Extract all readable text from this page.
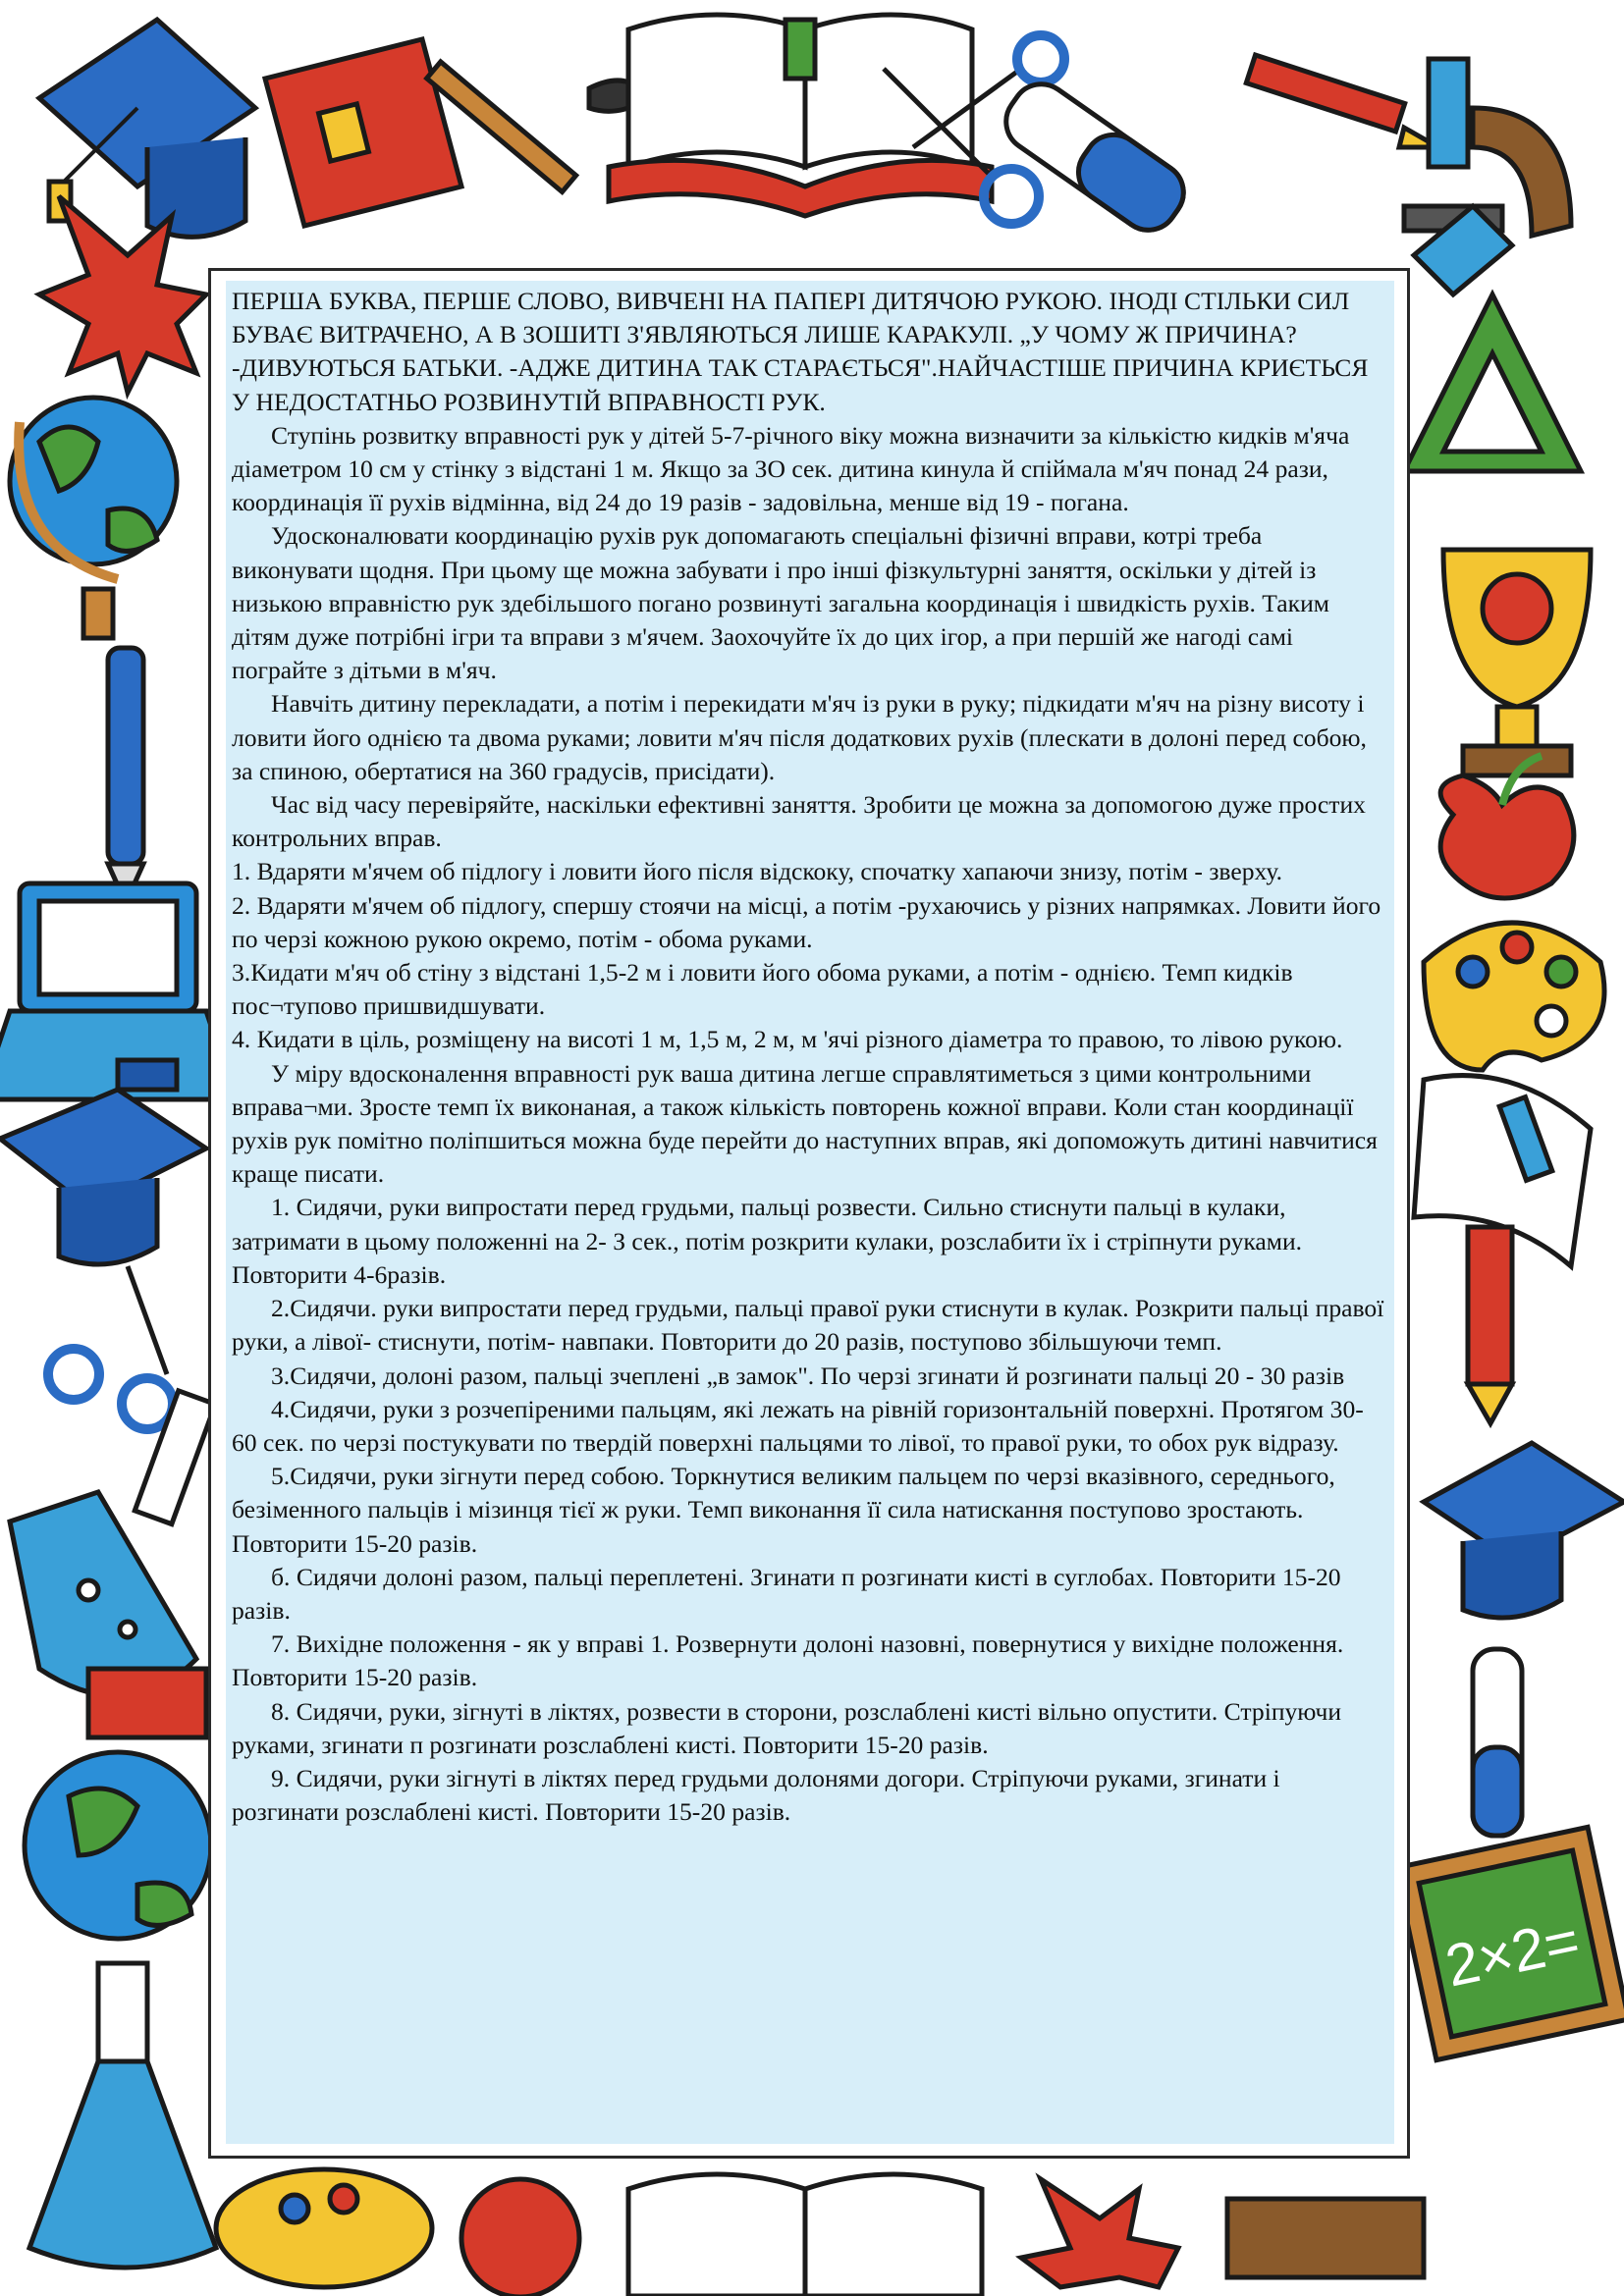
2×2=

ПЕРША БУКВА, ПЕРШЕ СЛОВО, ВИВЧЕНІ НА ПАПЕРІ ДИТЯЧОЮ РУКОЮ. ІНОДІ СТІЛЬКИ СИЛ БУВАЄ ВИТРАЧЕНО, А В ЗОШИТІ З'ЯВЛЯЮТЬСЯ ЛИШЕ КАРАКУЛІ. „У ЧОМУ Ж ПРИЧИНА? -ДИВУЮТЬСЯ БАТЬКИ. -АДЖЕ ДИТИНА ТАК СТАРАЄТЬСЯ".НАЙЧАСТІШЕ ПРИЧИНА КРИЄТЬСЯ У НЕДОСТАТНЬО РОЗВИНУТІЙ ВПРАВНОСТІ РУК.

Ступінь розвитку вправності рук у дітей 5-7-річного віку можна визначити за кількістю кидків м'яча діаметром 10 см у стінку з відстані 1 м. Якщо за ЗО сек. дитина кинула й спіймала м'яч понад 24 рази, координація її рухів відмінна, від 24 до 19 разів - задовільна, менше від 19 - погана.

Удосконалювати координацію рухів рук допомагають спеціальні фізичні вправи, котрі треба виконувати щодня. При цьому ще можна забувати і про інші фізкультурні заняття, оскільки у дітей із низькою вправністю рук здебільшого погано розвинуті загальна координація і швидкість рухів. Таким дітям дуже потрібні ігри та вправи з м'ячем. Заохочуйте їх до цих ігор, а при першій же нагоді самі пограйте з дітьми в м'яч.

Навчіть дитину перекладати, а потім і перекидати м'яч із руки в руку; підкидати м'яч на різну висоту і ловити його однією та двома руками; ловити м'яч після додаткових рухів (плескати в долоні перед собою, за спиною, обертатися на 360 градусів, присідати).

Час від часу перевіряйте, наскільки ефективні заняття. Зробити це можна за допомогою дуже простих контрольних вправ.

1. Вдаряти м'ячем об підлогу і ловити його після відскоку, спочатку хапаючи знизу, потім - зверху.

2. Вдаряти м'ячем об підлогу, спершу стоячи на місці, а потім -рухаючись у різних напрямках. Ловити його по черзі кожною рукою окремо, потім - обома руками.

3.Кидати м'яч об стіну з відстані 1,5-2 м і ловити його обома руками, а потім - однією. Темп кидків пос¬тупово пришвидшувати.

4. Кидати в ціль, розміщену на висоті 1 м, 1,5 м, 2 м, м 'ячі різного діаметра то правою, то лівою рукою.

У міру вдосконалення вправності рук ваша дитина легше справлятиметься з цими контрольними вправа¬ми. Зросте темп їх виконаная, а також кількість повторень кожної вправи. Коли стан координації рухів рук помітно поліпшиться можна буде перейти до наступних вправ, які допоможуть дитині навчитися краще писати.

1. Сидячи, руки випростати перед грудьми, пальці розвести. Сильно стиснути пальці в кулаки, затримати в цьому положенні на 2- З сек., потім розкрити кулаки, розслабити їх і стріпнути руками. Повторити 4-6разів.

2.Сидячи. руки випростати перед грудьми, пальці правої руки стиснути в кулак. Розкрити пальці правої руки, а лівої- стиснути, потім- навпаки. Повторити до 20 разів, поступово збільшуючи темп.

3.Сидячи, долоні разом, пальці зчеплені „в замок". По черзі згинати й розгинати пальці 20 - 30 разів

4.Сидячи, руки з розчепіреними пальцям, які лежать на рівній горизонтальній поверхні. Протягом 30-60 сек. по черзі постукувати по твердій поверхні пальцями то лівої, то правої руки, то обох рук відразу.

5.Сидячи, руки зігнути перед собою. Торкнутися великим пальцем по черзі вказівного, середнього, безіменного пальців і мізинця тієї ж руки. Темп виконання її сила натискання поступово зростають. Повторити 15-20 разів.

б. Сидячи долоні разом, пальці переплетені. Згинати п розгинати кисті в суглобах. Повторити 15-20 разів.

7. Вихідне положення - як у вправі 1. Розвернути долоні назовні, повернутися у вихідне положення. Повторити 15-20 разів.

8. Сидячи, руки, зігнуті в ліктях, розвести в сторони, розслаблені кисті вільно опустити. Стріпуючи руками, згинати п розгинати розслаблені кисті. Повторити 15-20 разів.

9. Сидячи, руки зігнуті в ліктях перед грудьми долонями догори. Стріпуючи руками, згинати і розгинати розслаблені кисті. Повторити 15-20 разів.
